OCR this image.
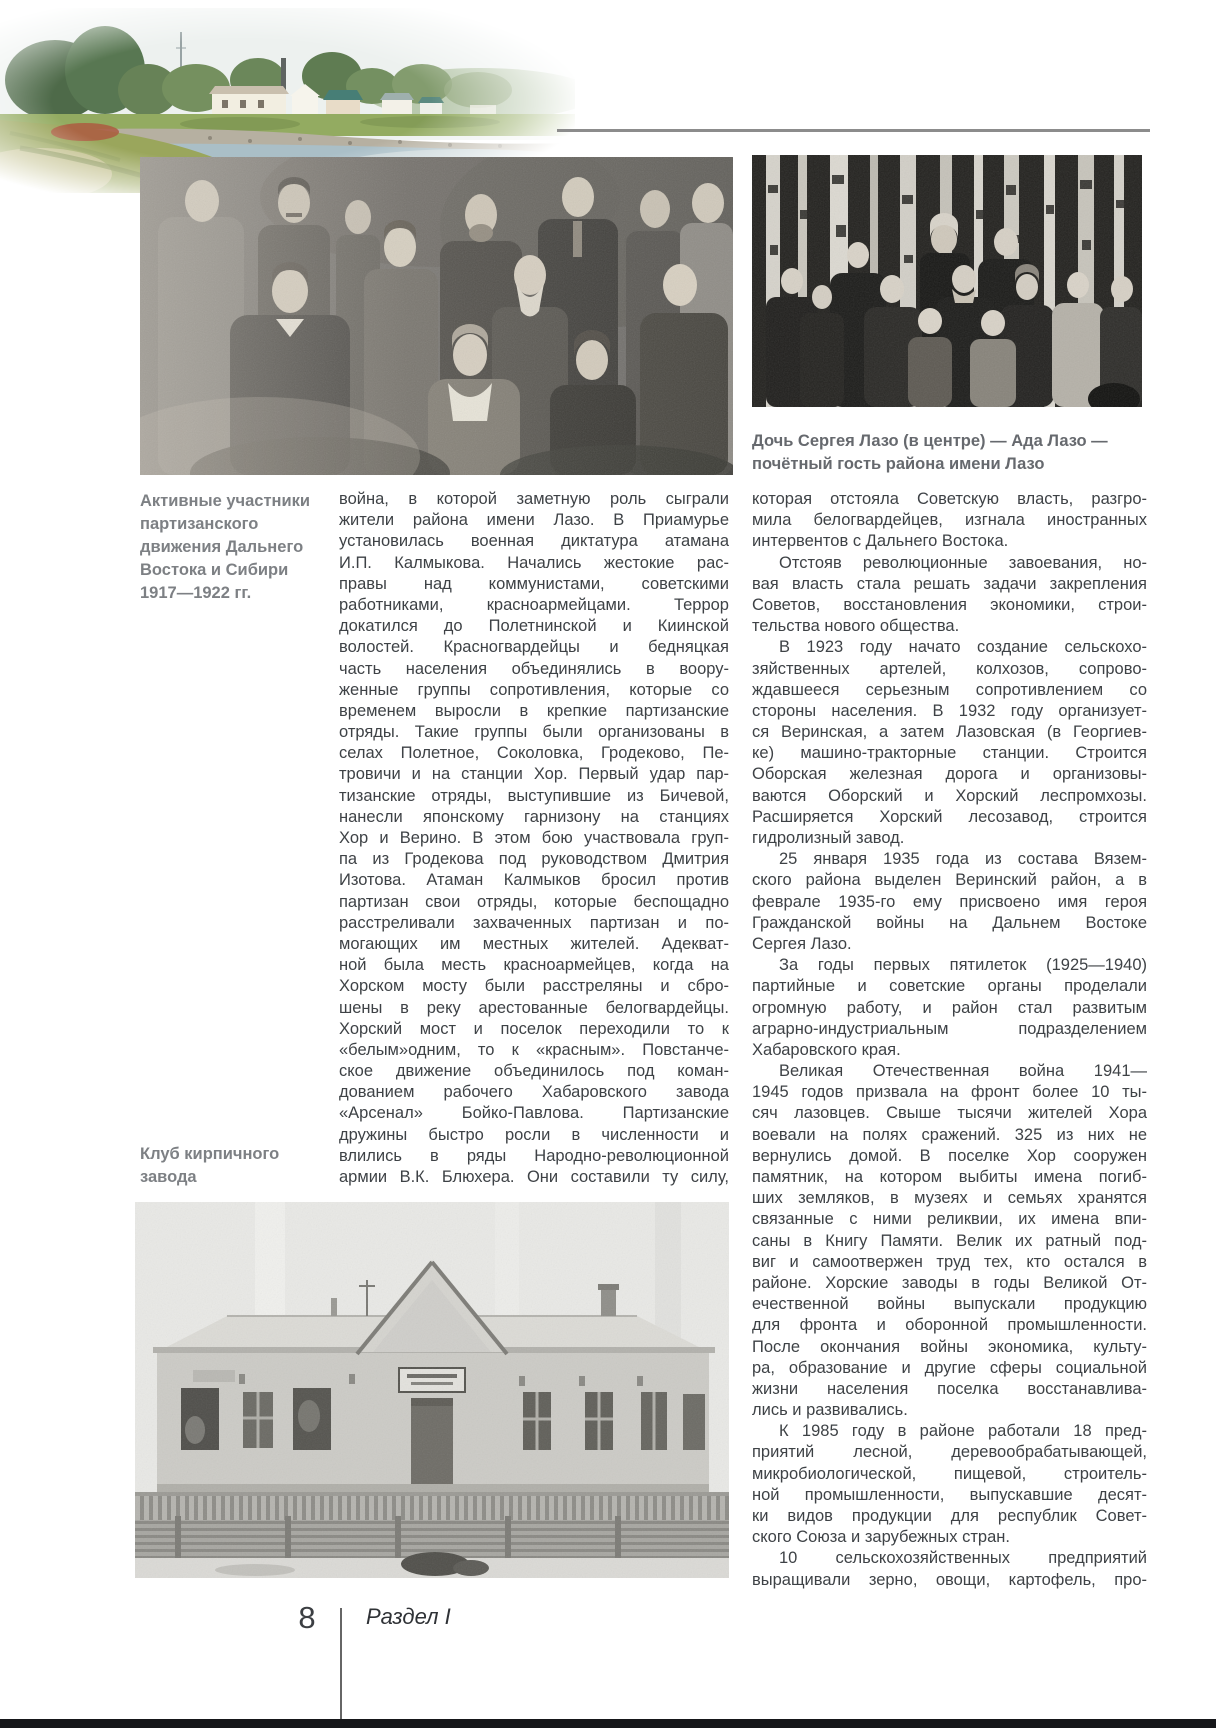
Дочь Сергея Лазо (в центре) — Ада Лазо —
почётный гость района имени Лазо
Активные участники
партизанского
движения Дальнего
Востока и Сибири
1917—1922 гг.
Клуб кирпичного
завода
война, в которой заметную роль сыграли
жители района имени Лазо. В Приамурье
установилась военная диктатура атамана
И.П. Калмыкова. Начались жестокие рас-
правы над коммунистами, советскими
работниками, красноармейцами. Террор
докатился до Полетнинской и Киинской
волостей. Красногвардейцы и бедняцкая
часть населения объединялись в воору-
женные группы сопротивления, которые со
временем выросли в крепкие партизанские
отряды. Такие группы были организованы в
селах Полетное, Соколовка, Гродеково, Пе-
тровичи и на станции Хор. Первый удар пар-
тизанские отряды, выступившие из Бичевой,
нанесли японскому гарнизону на станциях
Хор и Верино. В этом бою участвовала груп-
па из Гродекова под руководством Дмитрия
Изотова. Атаман Калмыков бросил против
партизан свои отряды, которые беспощадно
расстреливали захваченных партизан и по-
могающих им местных жителей. Адекват-
ной была месть красноармейцев, когда на
Хорском мосту были расстреляны и сбро-
шены в реку арестованные белогвардейцы.
Хорский мост и поселок переходили то к
«белым»одним, то к «красным». Повстанче-
ское движение объединилось под коман-
дованием рабочего Хабаровского завода
«Арсенал» Бойко-Павлова. Партизанские
дружины быстро росли в численности и
влились в ряды Народно-революционной
армии В.К. Блюхера. Они составили ту силу,
которая отстояла Советскую власть, разгро-
мила белогвардейцев, изгнала иностранных
интервентов с Дальнего Востока.
Отстояв революционные завоевания, но-
вая власть стала решать задачи закрепления
Советов, восстановления экономики, строи-
тельства нового общества.
В 1923 году начато создание сельскохо-
зяйственных артелей, колхозов, сопрово-
ждавшееся серьезным сопротивлением со
стороны населения. В 1932 году организует-
ся Веринская, а затем Лазовская (в Георгиев-
ке) машино-тракторные станции. Строится
Оборская железная дорога и организовы-
ваются Оборский и Хорский леспромхозы.
Расширяется Хорский лесозавод, строится
гидролизный завод.
25 января 1935 года из состава Вязем-
ского района выделен Веринский район, а в
феврале 1935-го ему присвоено имя героя
Гражданской войны на Дальнем Востоке
Сергея Лазо.
За годы первых пятилеток (1925—1940)
партийные и советские органы проделали
огромную работу, и район стал развитым
аграрно-индустриальным подразделением
Хабаровского края.
Великая Отечественная война 1941—
1945 годов призвала на фронт более 10 ты-
сяч лазовцев. Свыше тысячи жителей Хора
воевали на полях сражений. 325 из них не
вернулись домой. В поселке Хор сооружен
памятник, на котором выбиты имена погиб-
ших земляков, в музеях и семьях хранятся
связанные с ними реликвии, их имена впи-
саны в Книгу Памяти. Велик их ратный под-
виг и самоотвержен труд тех, кто остался в
районе. Хорские заводы в годы Великой От-
ечественной войны выпускали продукцию
для фронта и оборонной промышленности.
После окончания войны экономика, культу-
ра, образование и другие сферы социальной
жизни населения поселка восстанавлива-
лись и развивались.
К 1985 году в районе работали 18 пред-
приятий лесной, деревообрабатывающей,
микробиологической, пищевой, строитель-
ной промышленности, выпускавшие десят-
ки видов продукции для республик Совет-
ского Союза и зарубежных стран.
10 сельскохозяйственных предприятий
выращивали зерно, овощи, картофель, про-
8	Раздел I
